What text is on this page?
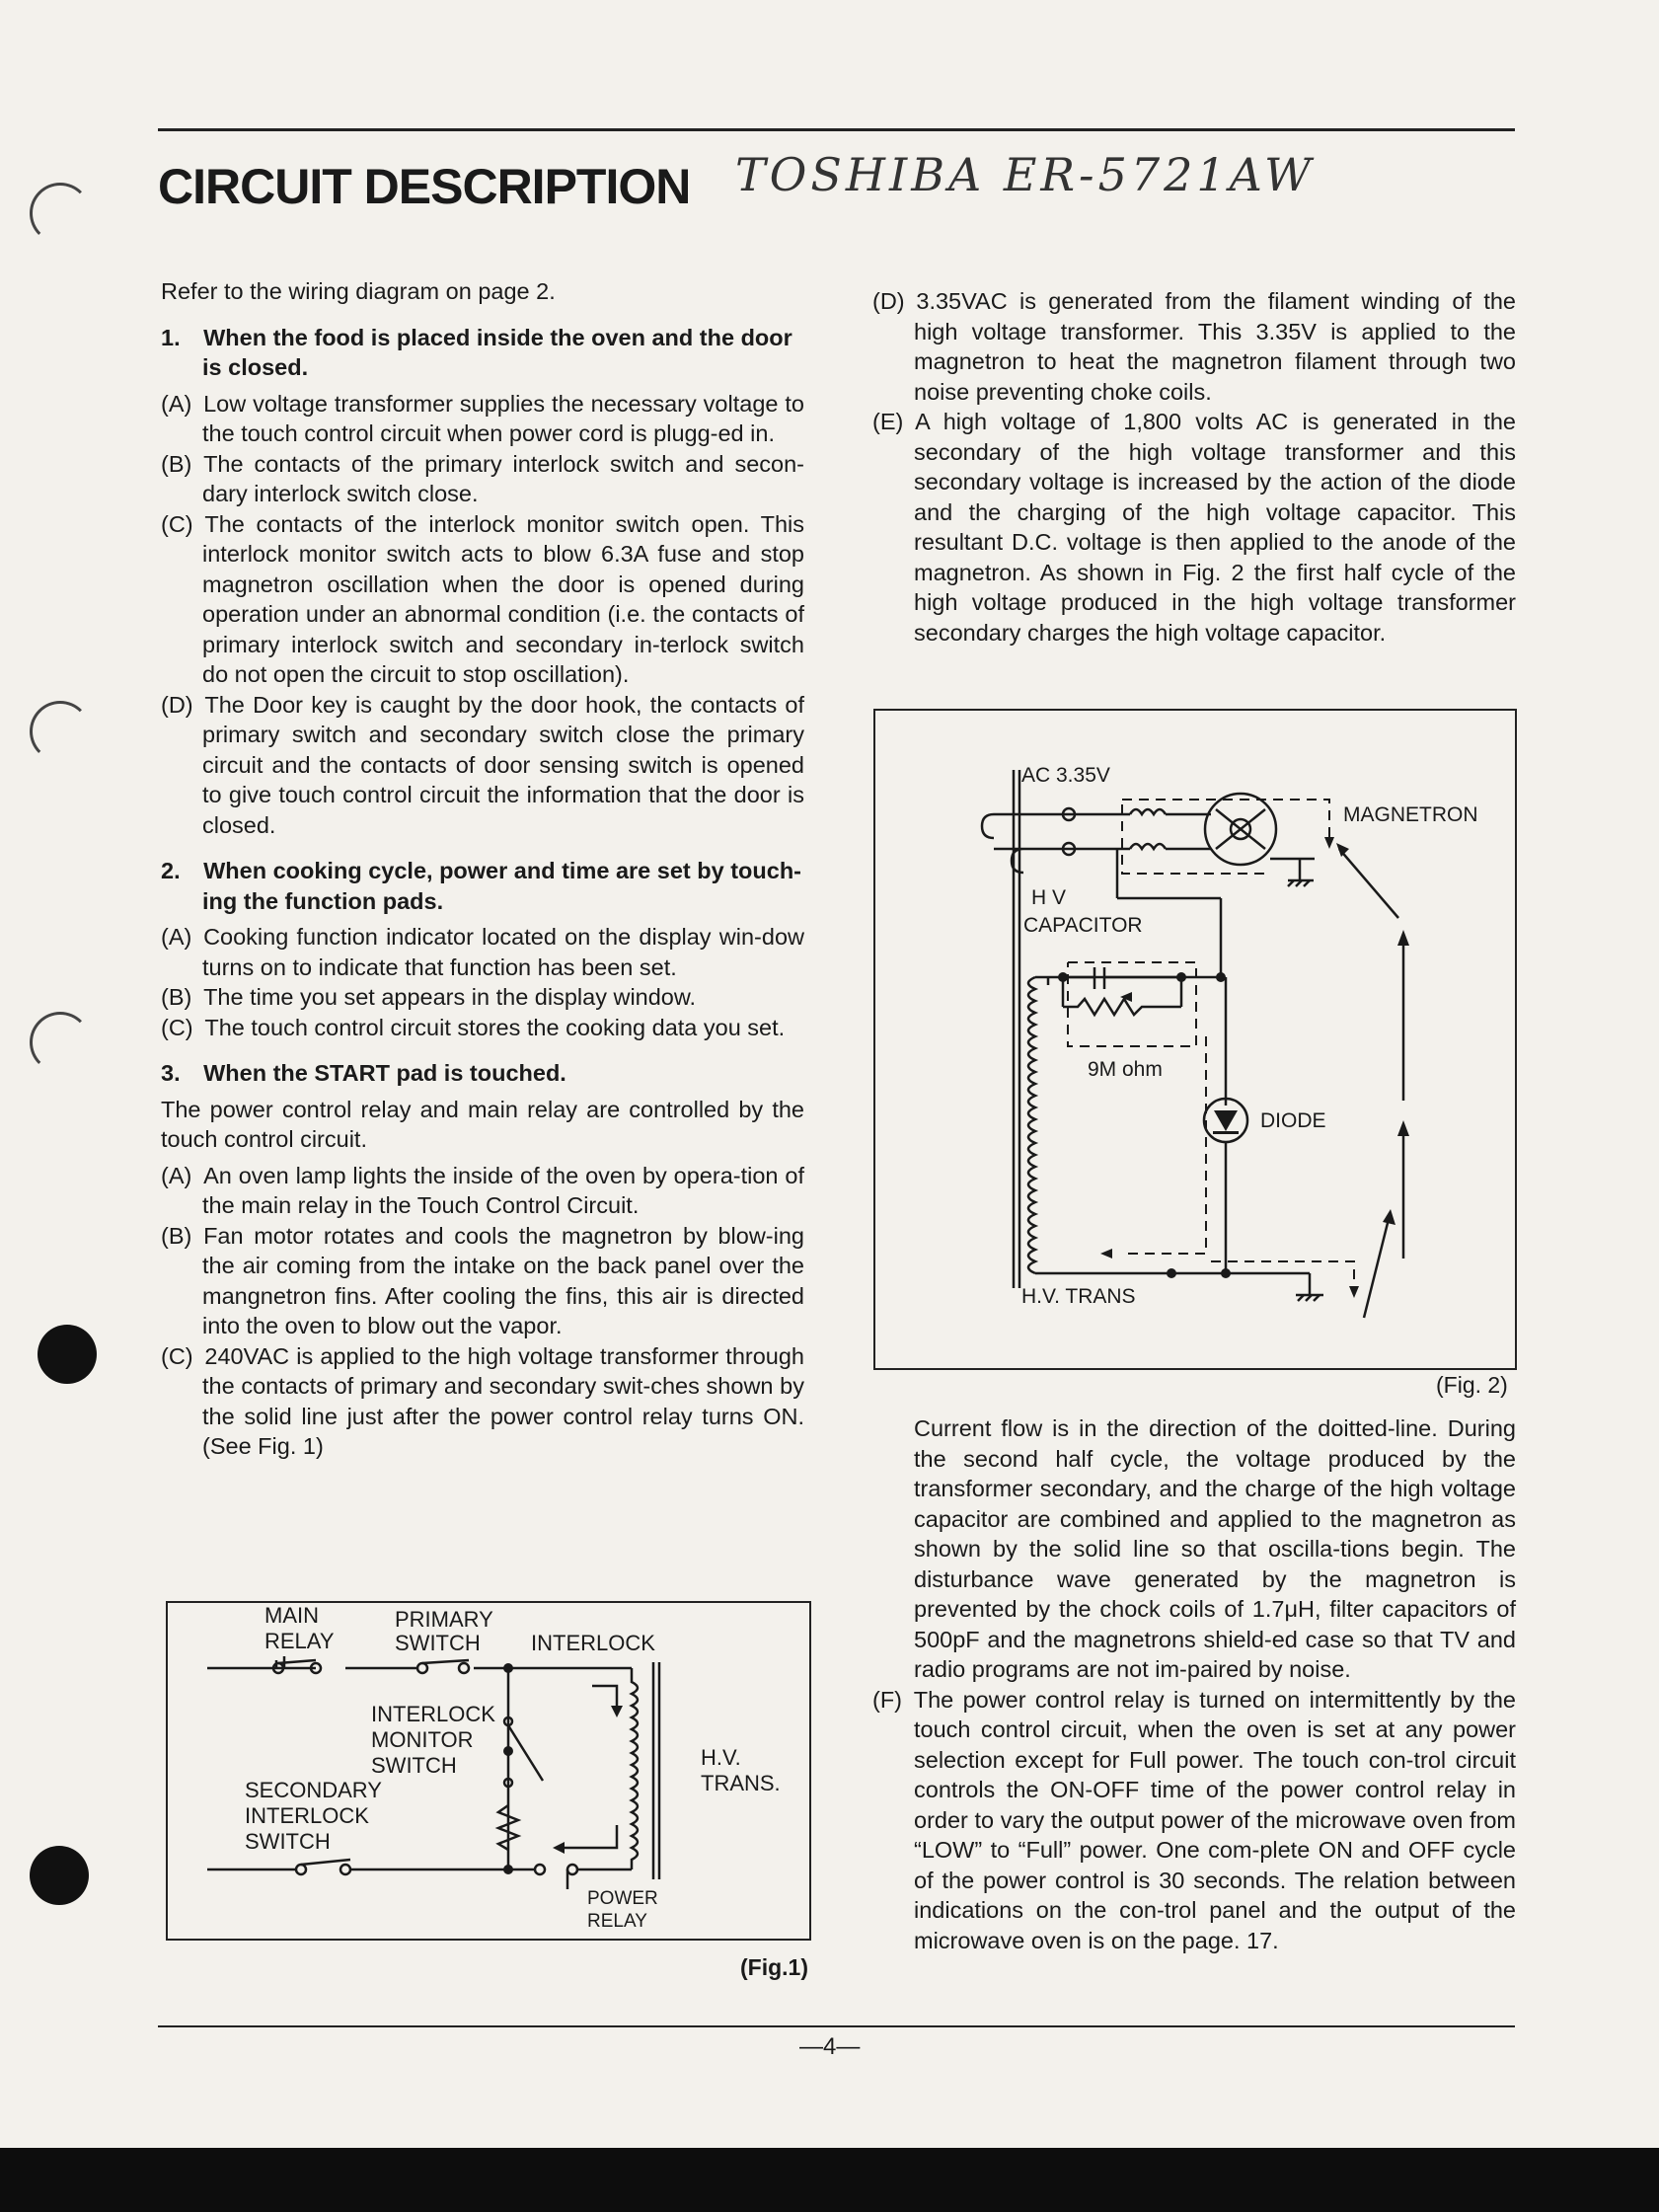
CIRCUIT DESCRIPTION TOSHIBA ER-5721AW

Refer to the wiring diagram on page 2.

1. When the food is placed inside the oven and the door is closed.

(A) Low voltage transformer supplies the necessary voltage to the touch control circuit when power cord is plugg-ed in.

(B) The contacts of the primary interlock switch and secon-dary interlock switch close.

(C) The contacts of the interlock monitor switch open. This interlock monitor switch acts to blow 6.3A fuse and stop magnetron oscillation when the door is opened during operation under an abnormal condition (i.e. the contacts of primary interlock switch and secondary in-terlock switch do not open the circuit to stop oscillation).

(D) The Door key is caught by the door hook, the contacts of primary switch and secondary switch close the primary circuit and the contacts of door sensing switch is opened to give touch control circuit the information that the door is closed.

2. When cooking cycle, power and time are set by touch-ing the function pads.

(A) Cooking function indicator located on the display win-dow turns on to indicate that function has been set.

(B) The time you set appears in the display window.

(C) The touch control circuit stores the cooking data you set.

3. When the START pad is touched.

The power control relay and main relay are controlled by the touch control circuit.

(A) An oven lamp lights the inside of the oven by opera-tion of the main relay in the Touch Control Circuit.

(B) Fan motor rotates and cools the magnetron by blow-ing the air coming from the intake on the back panel over the mangnetron fins. After cooling the fins, this air is directed into the oven to blow out the vapor.

(C) 240VAC is applied to the high voltage transformer through the contacts of primary and secondary swit-ches shown by the solid line just after the power control relay turns ON. (See Fig. 1)

MAIN
RELAY
PRIMARY
SWITCH INTERLOCK
INTERLOCK
MONITOR
SWITCH
SECONDARY
INTERLOCK
SWITCH
H.V.
TRANS.
POWER
RELAY
(Fig.1)

(D) 3.35VAC is generated from the filament winding of the high voltage transformer. This 3.35V is applied to the magnetron to heat the magnetron filament through two noise preventing choke coils.

(E) A high voltage of 1,800 volts AC is generated in the secondary of the high voltage transformer and this secondary voltage is increased by the action of the diode and the charging of the high voltage capacitor. This resultant D.C. voltage is then applied to the anode of the magnetron. As shown in Fig. 2 the first half cycle of the high voltage produced in the high voltage transformer secondary charges the high voltage capacitor.

AC 3.35V
MAGNETRON
H V
CAPACITOR
9M ohm
DIODE
H.V. TRANS
(Fig. 2)

Current flow is in the direction of the doitted-line. During the second half cycle, the voltage produced by the transformer secondary, and the charge of the high voltage capacitor are combined and applied to the magnetron as shown by the solid line so that oscilla-tions begin. The disturbance wave generated by the magnetron is prevented by the chock coils of 1.7μH, filter capacitors of 500pF and the magnetrons shield-ed case so that TV and radio programs are not im-paired by noise.

(F) The power control relay is turned on intermittently by the touch control circuit, when the oven is set at any power selection except for Full power. The touch con-trol circuit controls the ON-OFF time of the power control relay in order to vary the output power of the microwave oven from “LOW” to “Full” power. One com-plete ON and OFF cycle of the power control is 30 seconds. The relation between indications on the con-trol panel and the output of the microwave oven is on the page. 17.

—4—
